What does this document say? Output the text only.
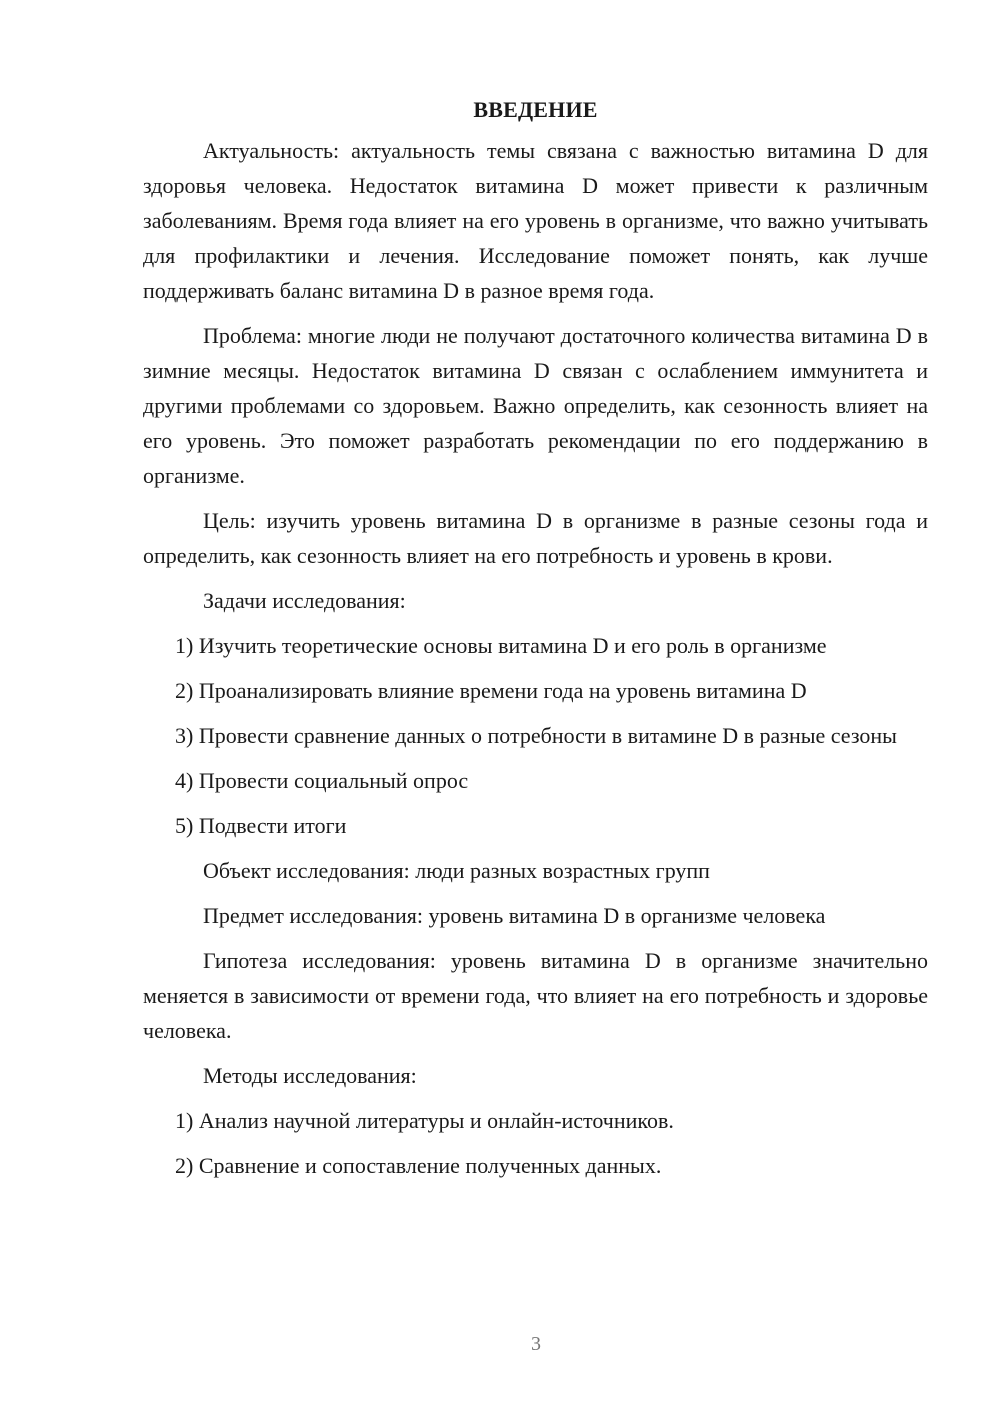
ВВЕДЕНИЕ
Актуальность: актуальность темы связана с важностью витамина D для здоровья человека. Недостаток витамина D может привести к различным заболеваниям. Время года влияет на его уровень в организме, что важно учитывать для профилактики и лечения. Исследование поможет понять, как лучше поддерживать баланс витамина D в разное время года.
Проблема: многие люди не получают достаточного количества витамина D в зимние месяцы. Недостаток витамина D связан с ослаблением иммунитета и другими проблемами со здоровьем. Важно определить, как сезонность влияет на его уровень. Это поможет разработать рекомендации по его поддержанию в организме.
Цель: изучить уровень витамина D в организме в разные сезоны года и определить, как сезонность влияет на его потребность и уровень в крови.
Задачи исследования:
1) Изучить теоретические основы витамина D и его роль в организме
2) Проанализировать влияние времени года на уровень витамина D
3) Провести сравнение данных о потребности в витамине D в разные сезоны
4) Провести социальный опрос
5) Подвести итоги
Объект исследования: люди разных возрастных групп
Предмет исследования: уровень витамина D в организме человека
Гипотеза исследования: уровень витамина D в организме значительно меняется в зависимости от времени года, что влияет на его потребность и здоровье человека.
Методы исследования:
1) Анализ научной литературы и онлайн-источников.
2) Сравнение и сопоставление полученных данных.
3
